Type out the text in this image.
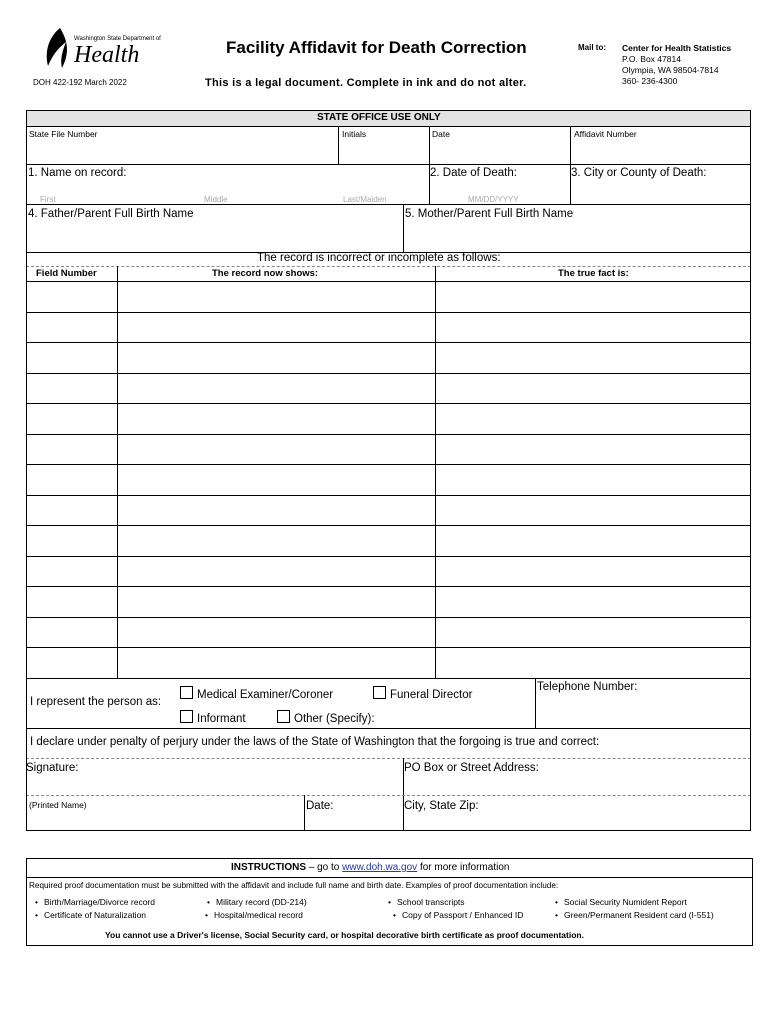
Washington State Department of
Health
DOH 422-192 March 2022
Facility Affidavit for Death Correction
This is a legal document. Complete in ink and do not alter.
Mail to: Center for Health Statistics
P.O. Box 47814
Olympia, WA 98504-7814
360- 236-4300
STATE OFFICE USE ONLY
State File Number	Initials	Date	Affidavit Number
1. Name on record:
First	Middle	Last/Maiden
2. Date of Death:
MM/DD/YYYY
3. City or County of Death:
4. Father/Parent Full Birth Name	5. Mother/Parent Full Birth Name
The record is incorrect or incomplete as follows:
Field Number	The record now shows:	The true fact is:
I represent the person as:
Medical Examiner/Coroner	Funeral Director
Informant	Other (Specify):
Telephone Number:
I declare under penalty of perjury under the laws of the State of Washington that the forgoing is true and correct:
Signature:	PO Box or Street Address:
(Printed Name)	Date:	City, State Zip:
INSTRUCTIONS – go to www.doh.wa.gov for more information
Required proof documentation must be submitted with the affidavit and include full name and birth date. Examples of proof documentation include:
• Birth/Marriage/Divorce record	• Military record (DD-214)	• School transcripts	• Social Security Numident Report
• Certificate of Naturalization	• Hospital/medical record	• Copy of Passport / Enhanced ID	• Green/Permanent Resident card (I-551)
You cannot use a Driver's license, Social Security card, or hospital decorative birth certificate as proof documentation.
